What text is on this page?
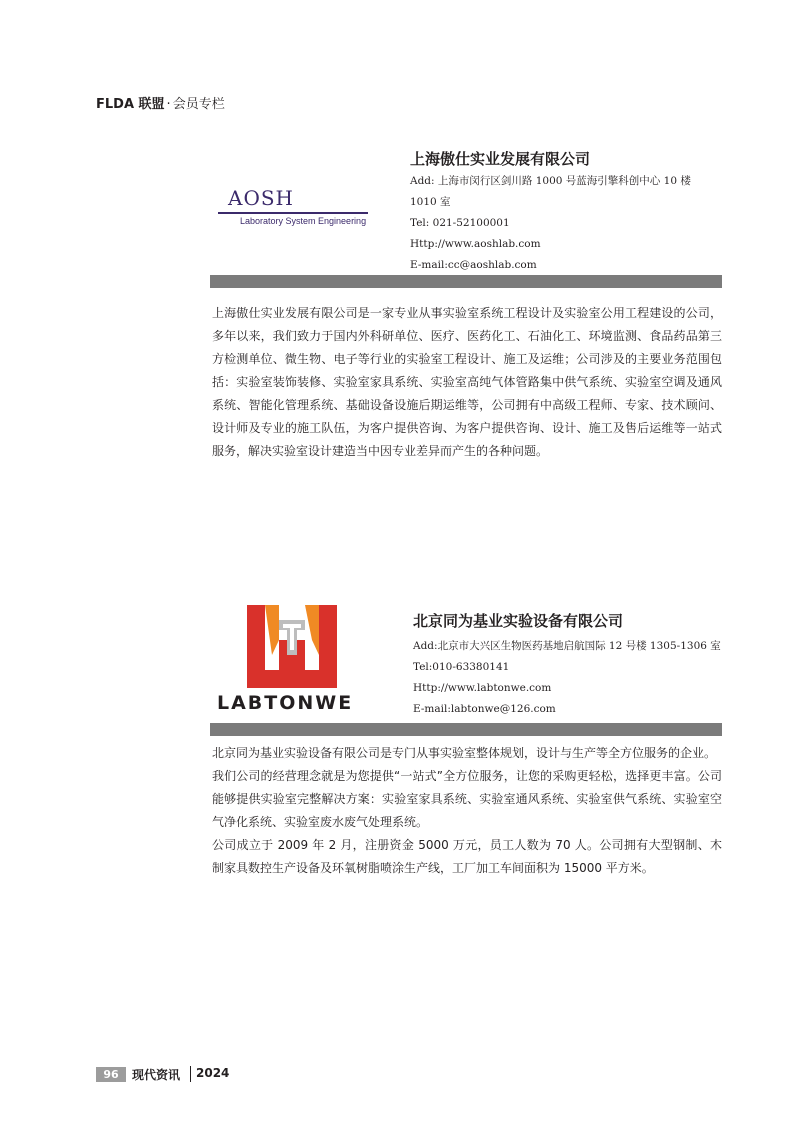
FLDA 联盟 · 会员专栏
AOSH
Laboratory System Engineering
上海傲仕实业发展有限公司
Add: 上海市闵行区剑川路 1000 号蓝海引擎科创中心 10 楼
1010 室
Tel: 021-52100001
Http://www.aoshlab.com
E-mail:cc@aoshlab.com

上海傲仕实业发展有限公司是一家专业从事实验室系统工程设计及实验室公用工程建设的公司，多年以来，我们致力于国内外科研单位、医疗、医药化工、石油化工、环境监测、食品药品第三方检测单位、微生物、电子等行业的实验室工程设计、施工及运维；公司涉及的主要业务范围包括：实验室装饰装修、实验室家具系统、实验室高纯气体管路集中供气系统、实验室空调及通风系统、智能化管理系统、基础设备设施后期运维等，公司拥有中高级工程师、专家、技术顾问、设计师及专业的施工队伍，为客户提供咨询、为客户提供咨询、设计、施工及售后运维等一站式服务，解决实验室设计建造当中因专业差异而产生的各种问题。

LABTONWE
北京同为基业实验设备有限公司
Add:北京市大兴区生物医药基地启航国际 12 号楼 1305-1306 室
Tel:010-63380141
Http://www.labtonwe.com
E-mail:labtonwe@126.com

北京同为基业实验设备有限公司是专门从事实验室整体规划，设计与生产等全方位服务的企业。

我们公司的经营理念就是为您提供“一站式”全方位服务，让您的采购更轻松，选择更丰富。公司能够提供实验室完整解决方案：实验室家具系统、实验室通风系统、实验室供气系统、实验室空气净化系统、实验室废水废气处理系统。

公司成立于 2009 年 2 月，注册资金 5000 万元，员工人数为 70 人。公司拥有大型钢制、木制家具数控生产设备及环氧树脂喷涂生产线，工厂加工车间面积为 15000 平方米。

96	现代资讯 2024
